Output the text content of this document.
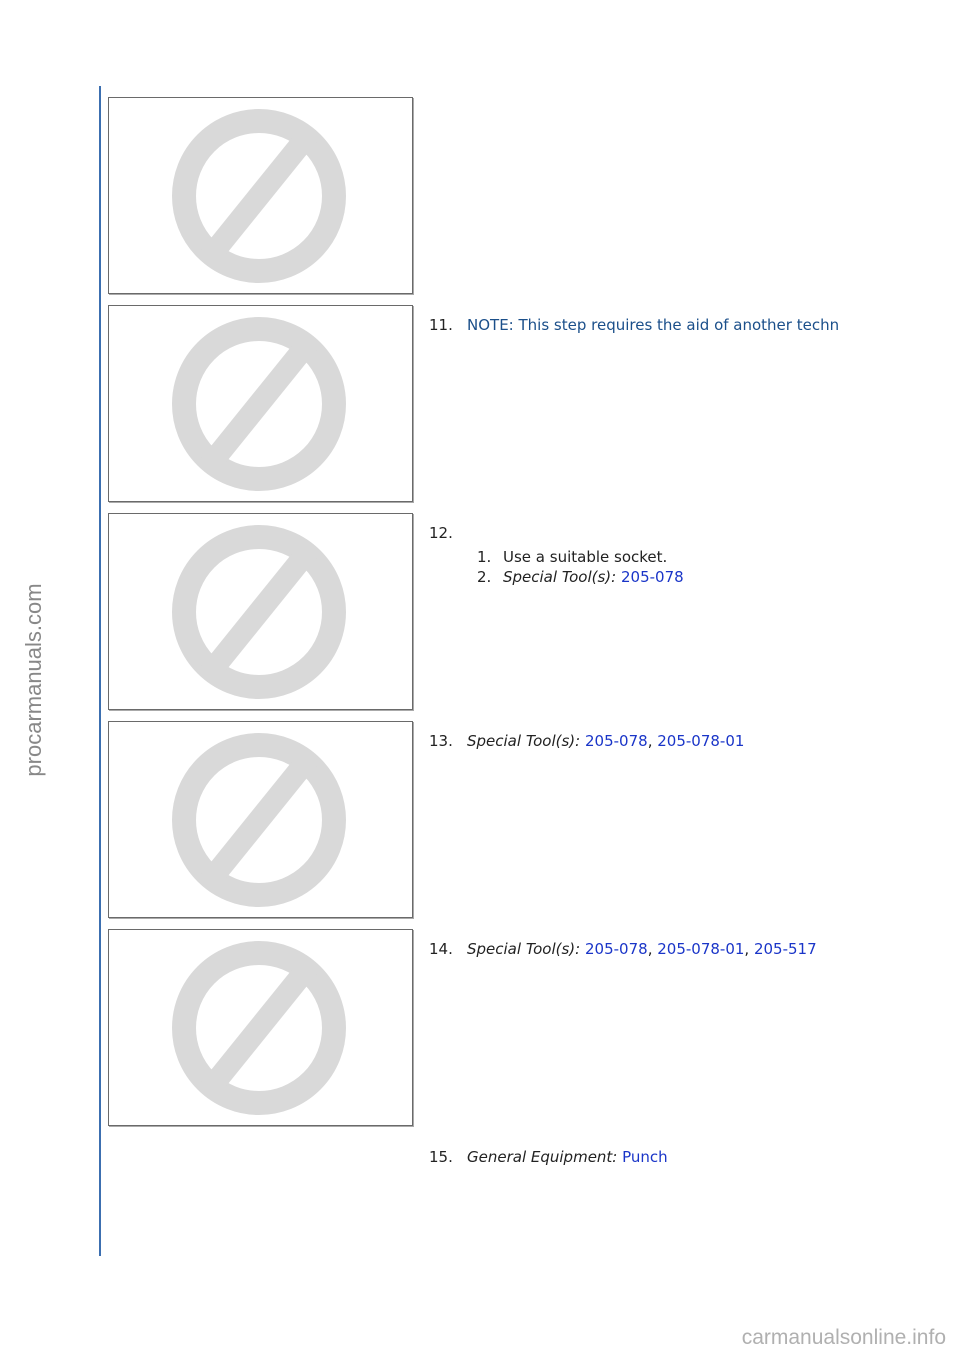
procarmanuals.com
11. NOTE: This step requires the aid of another techn
12.
1. Use a suitable socket.
2. Special Tool(s): 205-078
13. Special Tool(s): 205-078, 205-078-01
14. Special Tool(s): 205-078, 205-078-01, 205-517
15. General Equipment: Punch
carmanualsonline.info
